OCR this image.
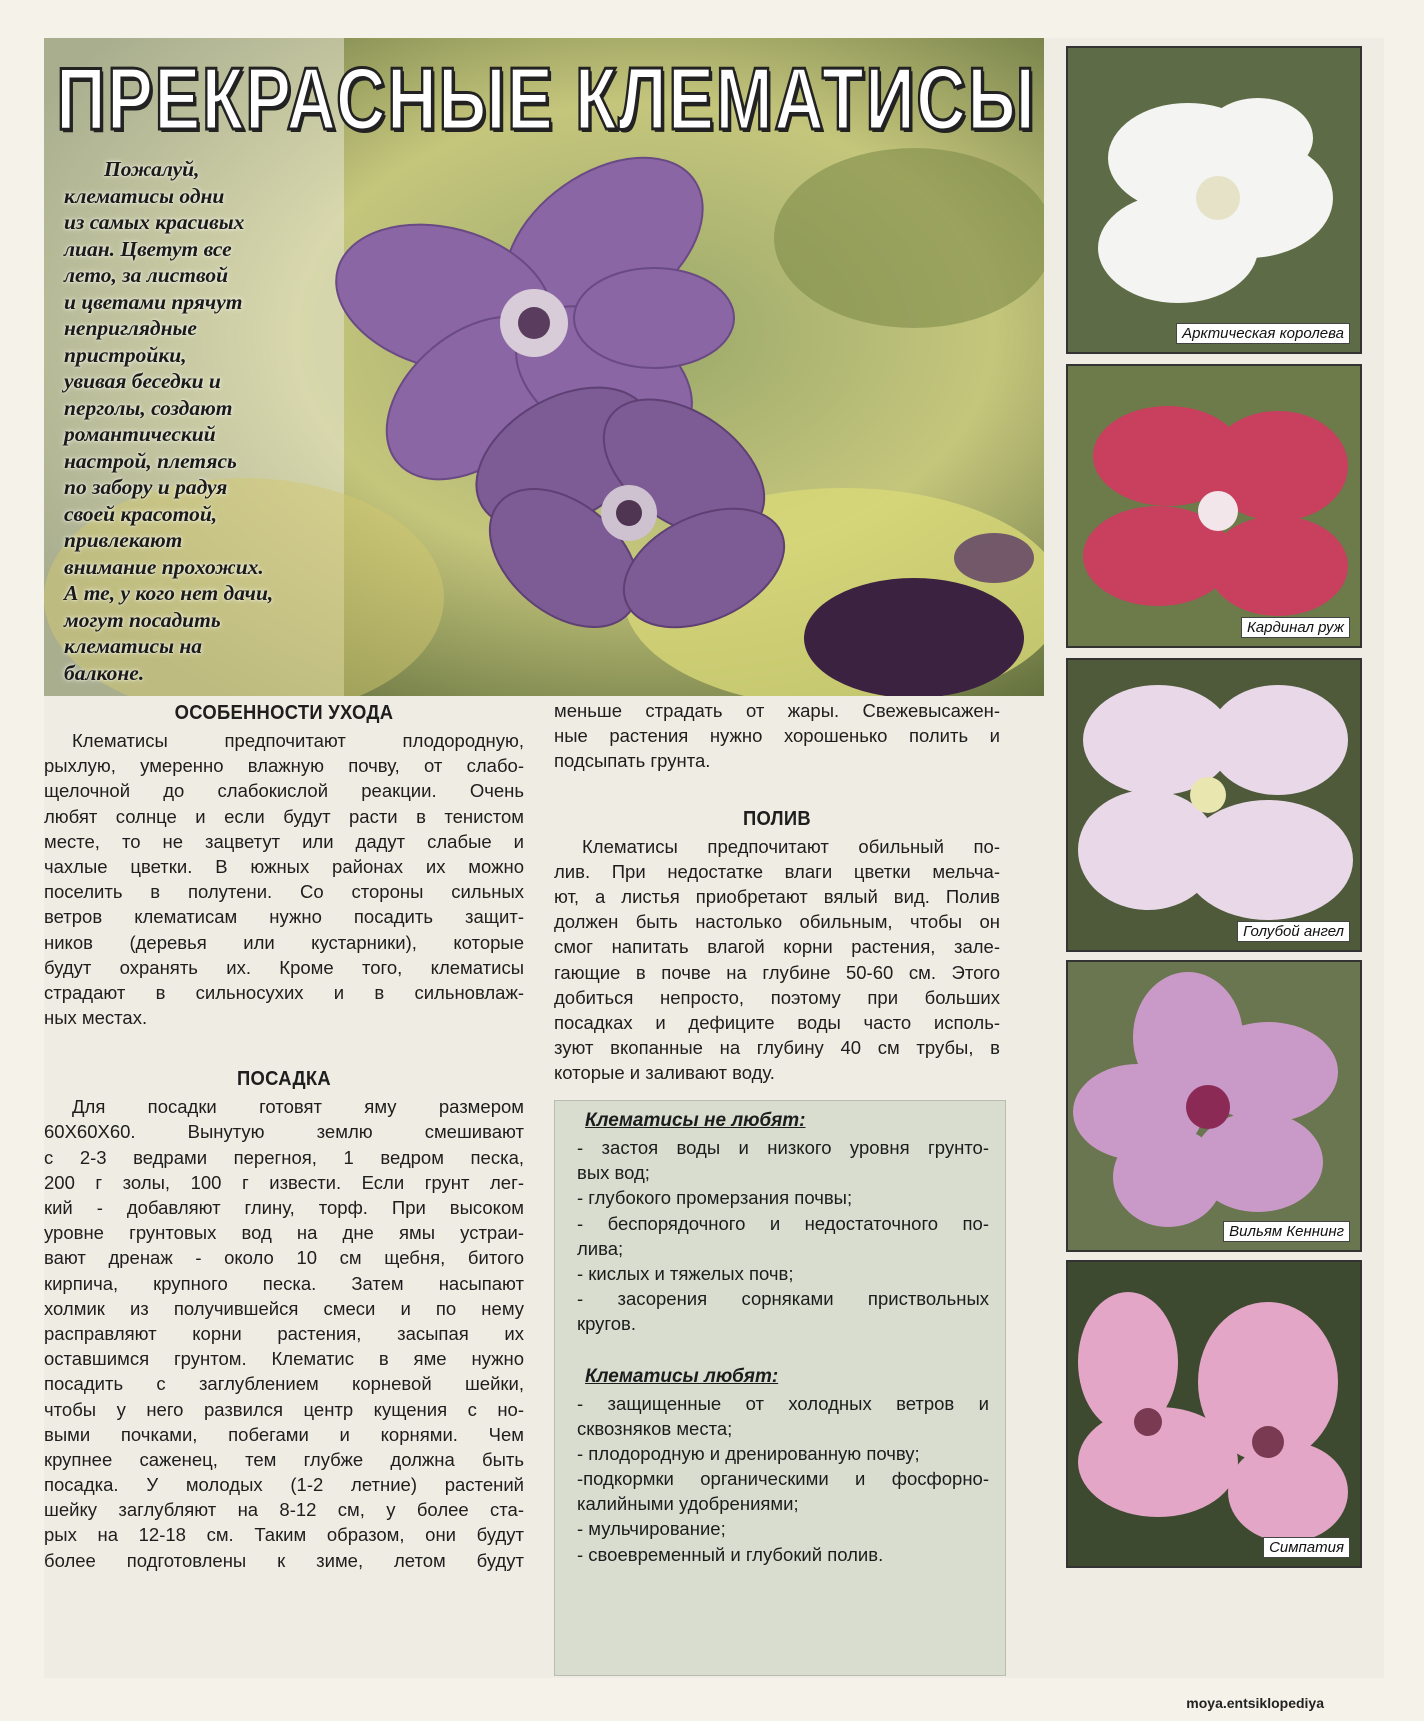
ПРЕКРАСНЫЕ КЛЕМАТИСЫ
Пожалуй,
клематисы одни
из самых красивых
лиан. Цветут все
лето, за листвой
и цветами прячут
неприглядные
пристройки,
увивая беседки и
перголы, создают
романтический
настрой, плетясь
по забору и радуя
своей красотой,
привлекают
внимание прохожих.
А те, у кого нет дачи,
могут посадить
клематисы на
балконе.
Арктическая королева
Кардинал руж
Голубой ангел
Вильям Кеннинг
Симпатия
ОСОБЕННОСТИ УХОДА
Клематисы предпочитают плодородную,
рыхлую, умеренно влажную почву, от слабо-
щелочной до слабокислой реакции. Очень
любят солнце и если будут расти в тенистом
месте, то не зацветут или дадут слабые и
чахлые цветки. В южных районах их можно
поселить в полутени. Со стороны сильных
ветров клематисам нужно посадить защит-
ников (деревья или кустарники), которые
будут охранять их. Кроме того, клематисы
страдают в сильносухих и в сильновлаж-
ных местах.
ПОСАДКА
Для посадки готовят яму размером
60Х60Х60. Вынутую землю смешивают
с 2-3 ведрами перегноя, 1 ведром песка,
200 г золы, 100 г извести. Если грунт лег-
кий - добавляют глину, торф. При высоком
уровне грунтовых вод на дне ямы устраи-
вают дренаж - около 10 см щебня, битого
кирпича, крупного песка. Затем насыпают
холмик из получившейся смеси и по нему
расправляют корни растения, засыпая их
оставшимся грунтом. Клематис в яме нужно
посадить с заглублением корневой шейки,
чтобы у него развился центр кущения с но-
выми почками, побегами и корнями. Чем
крупнее саженец, тем глубже должна быть
посадка. У молодых (1-2 летние) растений
шейку заглубляют на 8-12 см, у более ста-
рых на 12-18 см. Таким образом, они будут
более подготовлены к зиме, летом будут
меньше страдать от жары. Свежевысажен-
ные растения нужно хорошенько полить и
подсыпать грунта.
ПОЛИВ
Клематисы предпочитают обильный по-
лив. При недостатке влаги цветки мельча-
ют, а листья приобретают вялый вид. Полив
должен быть настолько обильным, чтобы он
смог напитать влагой корни растения, зале-
гающие в почве на глубине 50-60 см. Этого
добиться непросто, поэтому при больших
посадках и дефиците воды часто исполь-
зуют вкопанные на глубину 40 см трубы, в
которые и заливают воду.
Клематисы не любят:
- застоя воды и низкого уровня грунто-
вых вод;
- глубокого промерзания почвы;
- беспорядочного и недостаточного по-
лива;
- кислых и тяжелых почв;
- засорения сорняками приствольных
кругов.
Клематисы любят:
- защищенные от холодных ветров и
сквозняков места;
- плодородную и дренированную почву;
-подкормки органическими и фосфорно-
калийными удобрениями;
- мульчирование;
- своевременный и глубокий полив.
moya.entsiklopediya
